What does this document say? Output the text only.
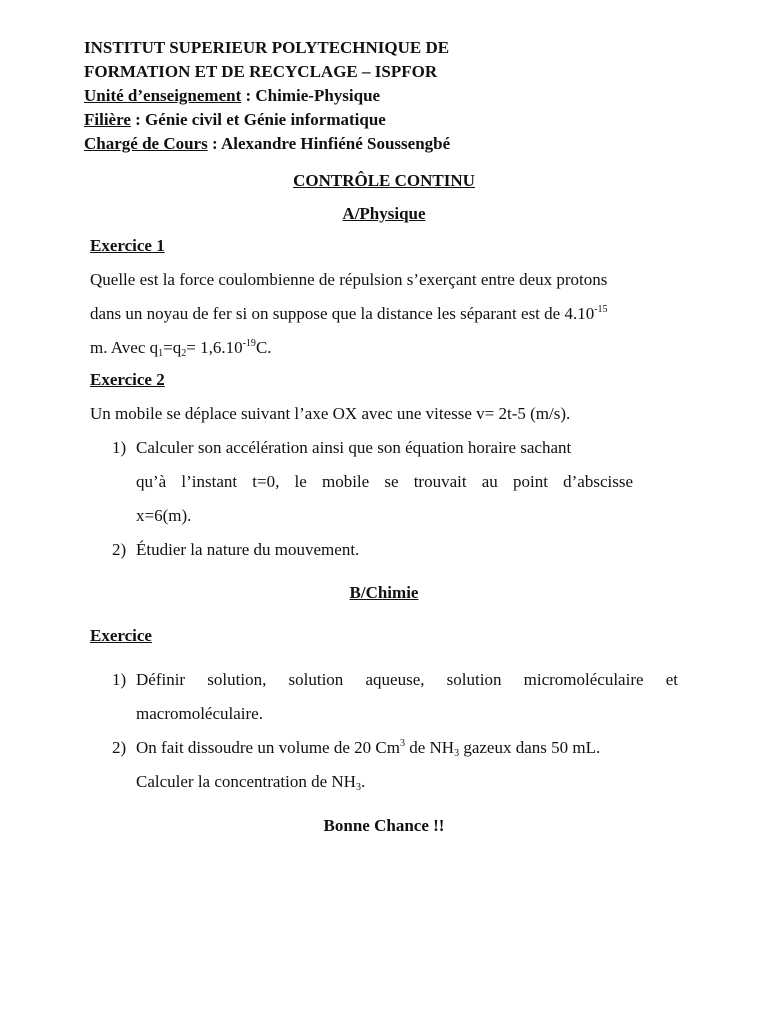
INSTITUT SUPERIEUR POLYTECHNIQUE DE
FORMATION ET DE RECYCLAGE – ISPFOR
Unité d’enseignement : Chimie-Physique
Filière : Génie civil et Génie informatique
Chargé de Cours : Alexandre Hinfiéné Soussengbé
CONTRÔLE CONTINU
A/Physique
Exercice 1
Quelle est la force coulombienne de répulsion s’exerçant entre deux protons
dans un noyau de fer si on suppose que la distance les séparant est de $4.10^{-15}$
m. Avec $q_1=q_2= 1,6.10^{-19}C$.
Exercice 2
Un mobile se déplace suivant l’axe OX avec une vitesse v= 2t-5 (m/s).
1) Calculer son accélération ainsi que son équation horaire sachant
qu’à l’instant t=0, le mobile se trouvait au point d’abscisse
x=6(m).
2) Étudier la nature du mouvement.
B/Chimie
Exercice
1) Définir solution, solution aqueuse, solution micromoléculaire et
macromoléculaire.
2) On fait dissoudre un volume de 20 Cm$^3$ de $NH_3$ gazeux dans 50 mL.
Calculer la concentration de $NH_3$.
Bonne Chance !!
